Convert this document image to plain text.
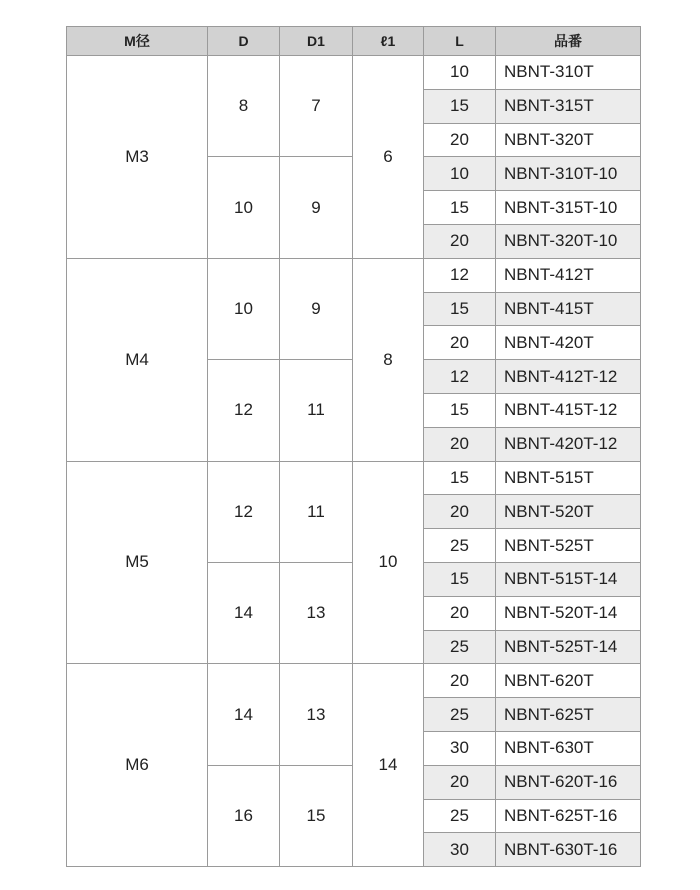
M径	D	D1	ℓ1	L	品番
M3	8	7	6	10	NBNT-310T
				15	NBNT-315T
				20	NBNT-320T
	10	9		10	NBNT-310T-10
				15	NBNT-315T-10
				20	NBNT-320T-10
M4	10	9	8	12	NBNT-412T
				15	NBNT-415T
				20	NBNT-420T
	12	11		12	NBNT-412T-12
				15	NBNT-415T-12
				20	NBNT-420T-12
M5	12	11	10	15	NBNT-515T
				20	NBNT-520T
				25	NBNT-525T
	14	13		15	NBNT-515T-14
				20	NBNT-520T-14
				25	NBNT-525T-14
M6	14	13	14	20	NBNT-620T
				25	NBNT-625T
				30	NBNT-630T
	16	15		20	NBNT-620T-16
				25	NBNT-625T-16
				30	NBNT-630T-16
